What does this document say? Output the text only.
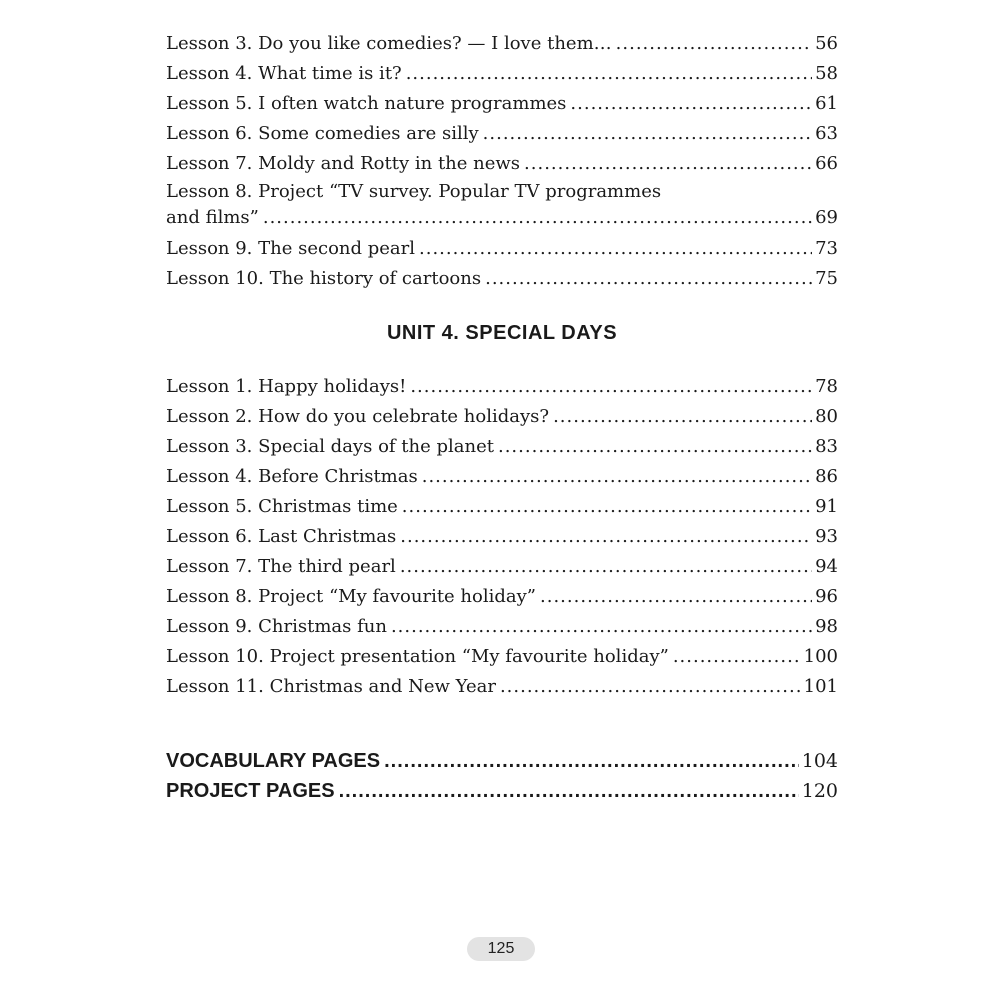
Lesson 3. Do you like comedies? — I love them… .....	56
Lesson 4. What time is it? .....	58
Lesson 5. I often watch nature programmes .....	61
Lesson 6. Some comedies are silly .....	63
Lesson 7. Moldy and Rotty in the news .....	66
Lesson 8. Project “TV survey. Popular TV programmes
and films” .....	69
Lesson 9. The second pearl .....	73
Lesson 10. The history of cartoons .....	75
UNIT 4. SPECIAL DAYS
Lesson 1. Happy holidays! .....	78
Lesson 2. How do you celebrate holidays? .....	80
Lesson 3. Special days of the planet .....	83
Lesson 4. Before Christmas .....	86
Lesson 5. Christmas time .....	91
Lesson 6. Last Christmas .....	93
Lesson 7. The third pearl .....	94
Lesson 8. Project “My favourite holiday” .....	96
Lesson 9. Christmas fun .....	98
Lesson 10. Project presentation “My favourite holiday” .....	100
Lesson 11. Christmas and New Year .....	101
VOCABULARY PAGES .....	104
PROJECT PAGES .....	120
125
